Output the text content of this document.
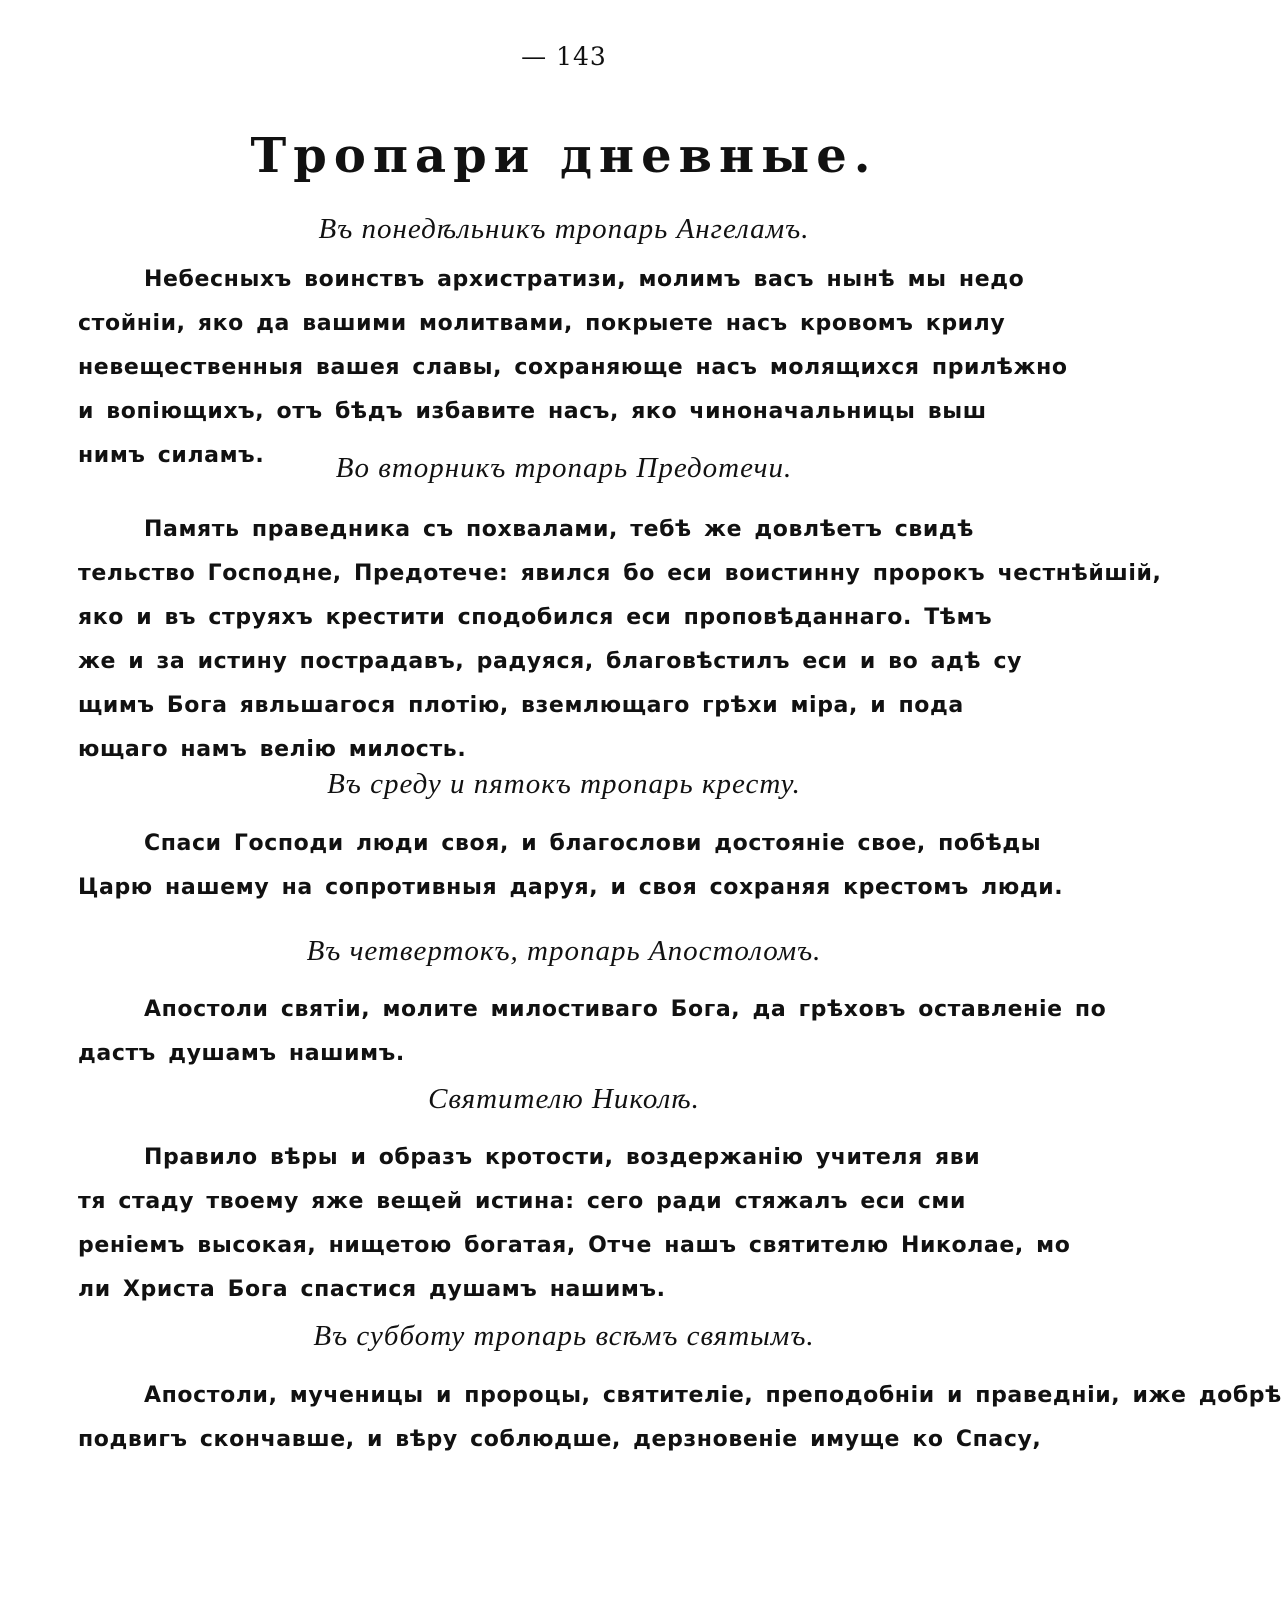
— 143
Тропари дневные.
Въ понедѣльникъ тропарь Ангеламъ.
Небесныхъ воинствъ архистратизи, молимъ васъ нынѣ мы недо
стойніи, яко да вашими молитвами, покрыете насъ кровомъ крилу
невещественныя вашея славы, сохраняюще насъ молящихся прилѣжно
и вопіющихъ, отъ бѣдъ избавите насъ, яко чиноначальницы выш
нимъ силамъ.	Во вторникъ тропарь Предотечи.
Память праведника съ похвалами, тебѣ же довлѣетъ свидѣ
тельство Господне, Предотече: явился бо еси воистинну пророкъ честнѣйшій,
яко и въ струяхъ крестити сподобился еси проповѣданнаго. Тѣмъ
же и за истину пострадавъ, радуяся, благовѣстилъ еси и во адѣ су
щимъ Бога явльшагося плотію, вземлющаго грѣхи міра, и пода
ющаго намъ велію милость.
Въ среду и пятокъ тропарь кресту.
Спаси Господи люди своя, и благослови достояніе свое, побѣды
Царю нашему на сопротивныя даруя, и своя сохраняя крестомъ люди.
Въ четвертокъ, тропарь Апостоломъ.
Апостоли святіи, молите милостиваго Бога, да грѣховъ оставленіе по
дастъ душамъ нашимъ.
Святителю Николѣ.
Правило вѣры и образъ кротости, воздержанію учителя яви
тя стаду твоему яже вещей истина: сего ради стяжалъ еси сми
реніемъ высокая, нищетою богатая, Отче нашъ святителю Николае, мо
ли Христа Бога спастися душамъ нашимъ.
Въ субботу тропарь всѣмъ святымъ.
Апостоли, мученицы и пророцы, святителіе, преподобніи и праведніи, иже добрѣ
подвигъ скончавше, и вѣру соблюдше, дерзновеніе имуще ко Спасу,
